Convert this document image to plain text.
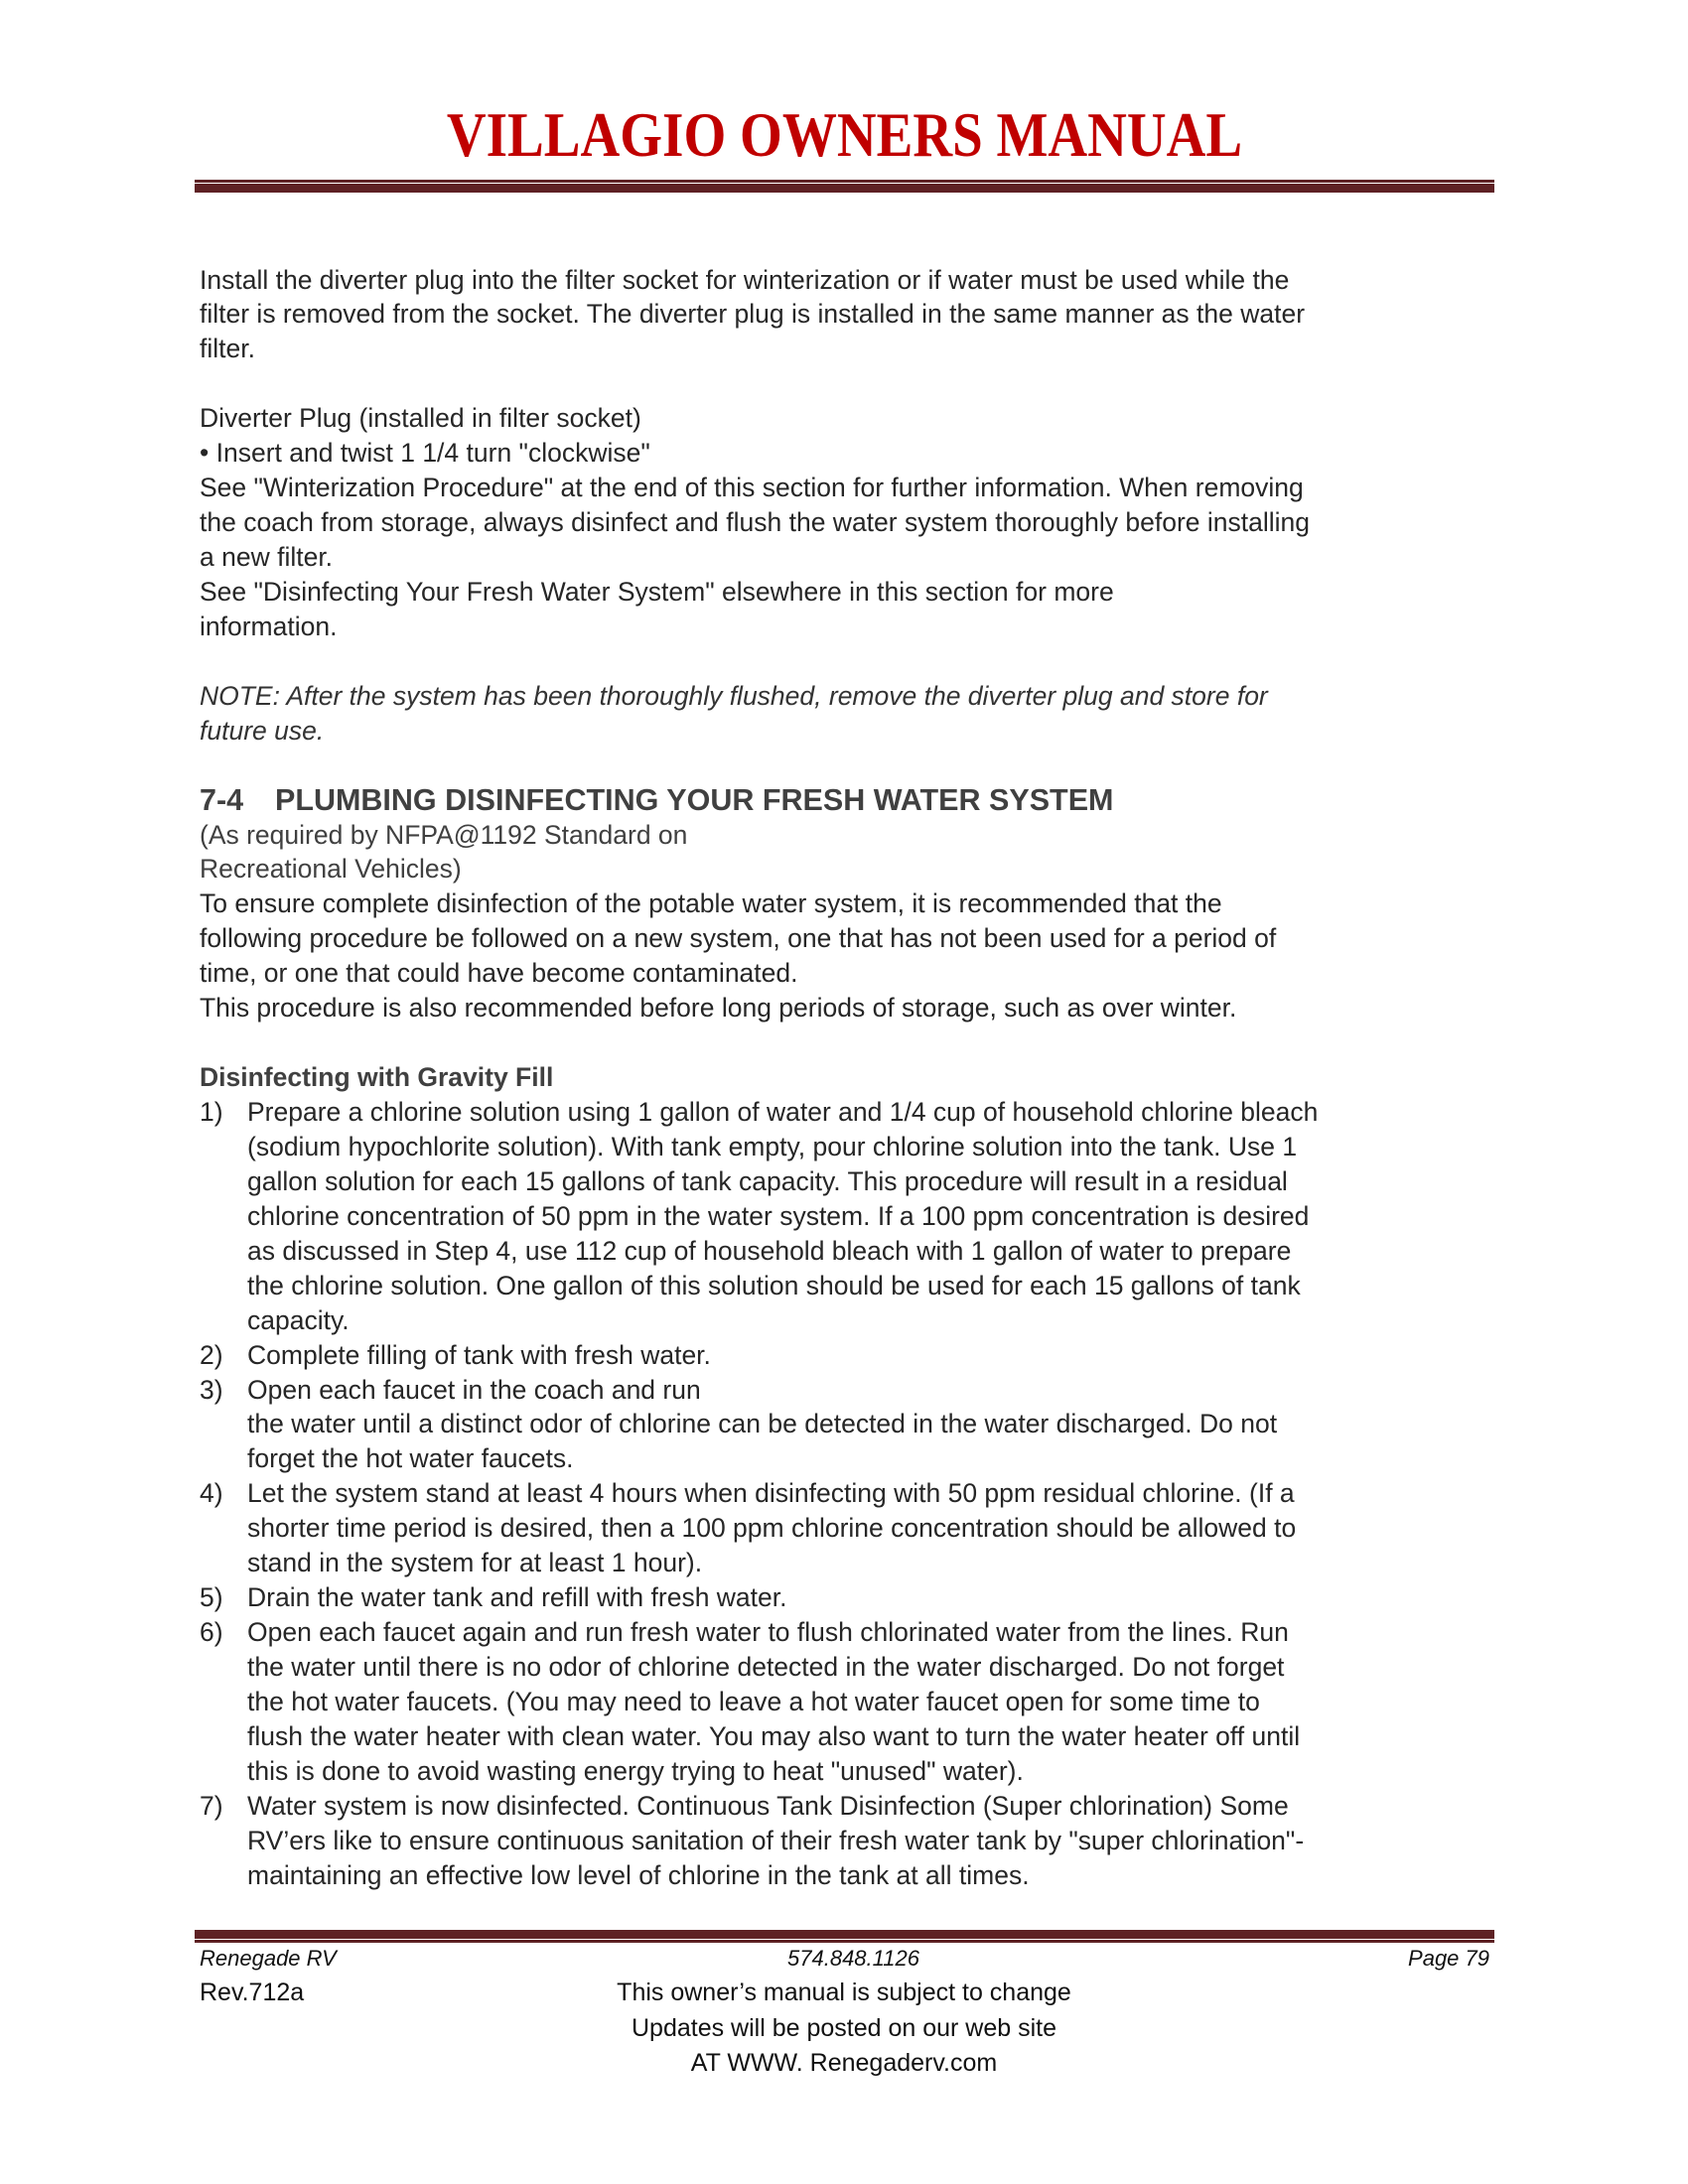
VILLAGIO OWNERS MANUAL
Install the diverter plug into the filter socket for winterization or if water must be used while the
filter is removed from the socket. The diverter plug is installed in the same manner as the water
filter.
Diverter Plug (installed in filter socket)
• Insert and twist 1 1/4 turn "clockwise"
See "Winterization Procedure" at the end of this section for further information. When removing
the coach from storage, always disinfect and flush the water system thoroughly before installing
a new filter.
See "Disinfecting Your Fresh Water System" elsewhere in this section for more
information.
NOTE: After the system has been thoroughly flushed, remove the diverter plug and store for
future use.
7-4 PLUMBING DISINFECTING YOUR FRESH WATER SYSTEM
(As required by NFPA@1192 Standard on
Recreational Vehicles)
To ensure complete disinfection of the potable water system, it is recommended that the
following procedure be followed on a new system, one that has not been used for a period of
time, or one that could have become contaminated.
This procedure is also recommended before long periods of storage, such as over winter.
Disinfecting with Gravity Fill
1) Prepare a chlorine solution using 1 gallon of water and 1/4 cup of household chlorine bleach
(sodium hypochlorite solution). With tank empty, pour chlorine solution into the tank. Use 1
gallon solution for each 15 gallons of tank capacity. This procedure will result in a residual
chlorine concentration of 50 ppm in the water system. If a 100 ppm concentration is desired
as discussed in Step 4, use 112 cup of household bleach with 1 gallon of water to prepare
the chlorine solution. One gallon of this solution should be used for each 15 gallons of tank
capacity.
2) Complete filling of tank with fresh water.
3) Open each faucet in the coach and run
the water until a distinct odor of chlorine can be detected in the water discharged. Do not
forget the hot water faucets.
4) Let the system stand at least 4 hours when disinfecting with 50 ppm residual chlorine. (If a
shorter time period is desired, then a 100 ppm chlorine concentration should be allowed to
stand in the system for at least 1 hour).
5) Drain the water tank and refill with fresh water.
6) Open each faucet again and run fresh water to flush chlorinated water from the lines. Run
the water until there is no odor of chlorine detected in the water discharged. Do not forget
the hot water faucets. (You may need to leave a hot water faucet open for some time to
flush the water heater with clean water. You may also want to turn the water heater off until
this is done to avoid wasting energy trying to heat "unused" water).
7) Water system is now disinfected. Continuous Tank Disinfection (Super chlorination) Some
RV’ers like to ensure continuous sanitation of their fresh water tank by "super chlorination"-
maintaining an effective low level of chlorine in the tank at all times.
Renegade RV	574.848.1126	Page 79
Rev.712a	This owner’s manual is subject to change
Updates will be posted on our web site
AT WWW. Renegaderv.com
